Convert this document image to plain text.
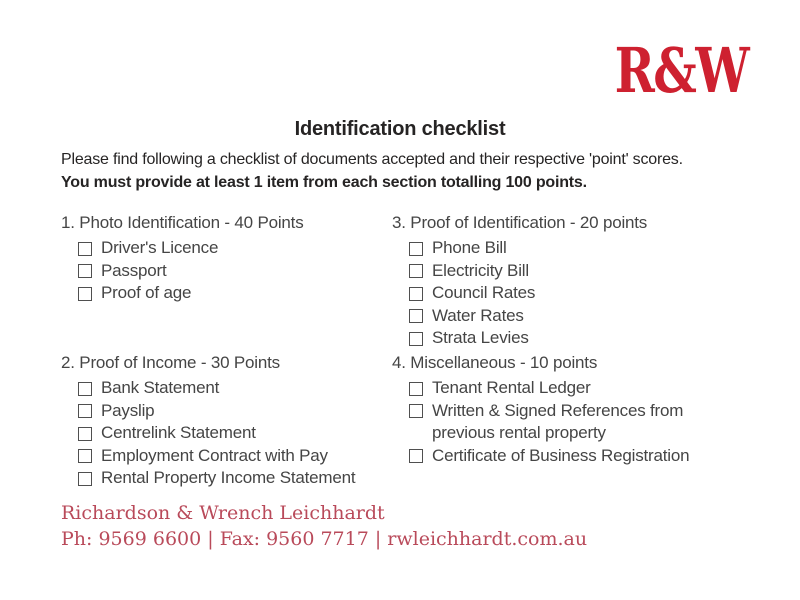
R&W
Identification checklist

Please find following a checklist of documents accepted and their respective 'point' scores.
You must provide at least 1 item from each section totalling 100 points.

1. Photo Identification - 40 Points
Driver's Licence
Passport
Proof of age
2. Proof of Income - 30 Points
Bank Statement
Payslip
Centrelink Statement
Employment Contract with Pay
Rental Property Income Statement
3. Proof of Identification - 20 points
Phone Bill
Electricity Bill
Council Rates
Water Rates
Strata Levies
4. Miscellaneous - 10 points
Tenant Rental Ledger
Written & Signed References from previous rental property
Certificate of Business Registration
Richardson & Wrench Leichhardt
Ph: 9569 6600 | Fax: 9560 7717 | rwleichhardt.com.au
